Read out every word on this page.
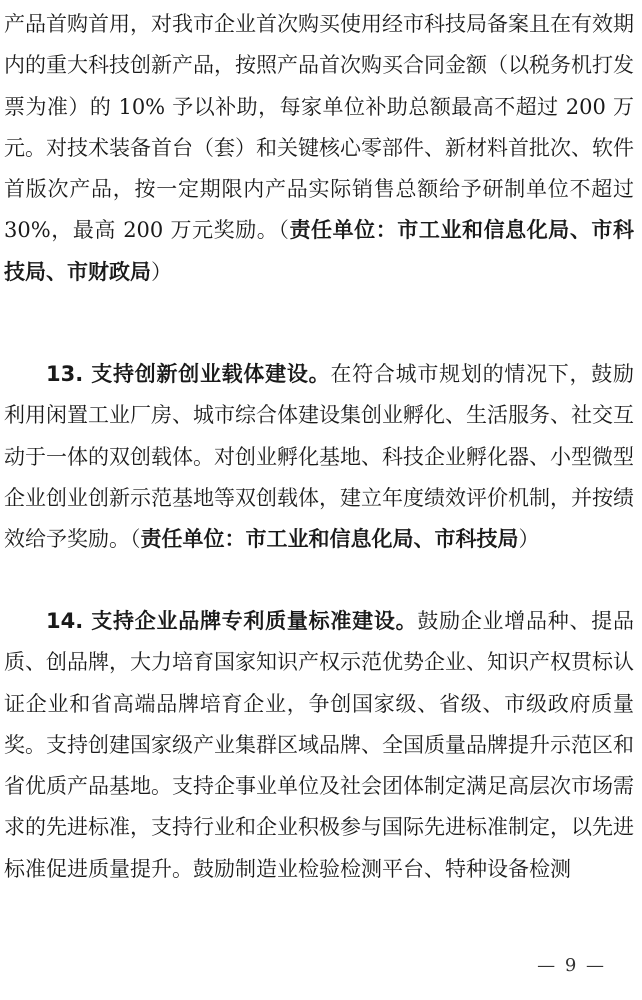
产品首购首用，对我市企业首次购买使用经市科技局备案且在有效期内的重大科技创新产品，按照产品首次购买合同金额（以税务机打发票为准）的 10% 予以补助，每家单位补助总额最高不超过 200 万元。对技术装备首台（套）和关键核心零部件、新材料首批次、软件首版次产品，按一定期限内产品实际销售总额给予研制单位不超过 30%，最高 200 万元奖励。（责任单位：市工业和信息化局、市科技局、市财政局）

13. 支持创新创业载体建设。在符合城市规划的情况下，鼓励利用闲置工业厂房、城市综合体建设集创业孵化、生活服务、社交互动于一体的双创载体。对创业孵化基地、科技企业孵化器、小型微型企业创业创新示范基地等双创载体，建立年度绩效评价机制，并按绩效给予奖励。（责任单位：市工业和信息化局、市科技局）

14. 支持企业品牌专利质量标准建设。鼓励企业增品种、提品质、创品牌，大力培育国家知识产权示范优势企业、知识产权贯标认证企业和省高端品牌培育企业，争创国家级、省级、市级政府质量奖。支持创建国家级产业集群区域品牌、全国质量品牌提升示范区和省优质产品基地。支持企事业单位及社会团体制定满足高层次市场需求的先进标准，支持行业和企业积极参与国际先进标准制定，以先进标准促进质量提升。鼓励制造业检验检测平台、特种设备检测

— 9 —
